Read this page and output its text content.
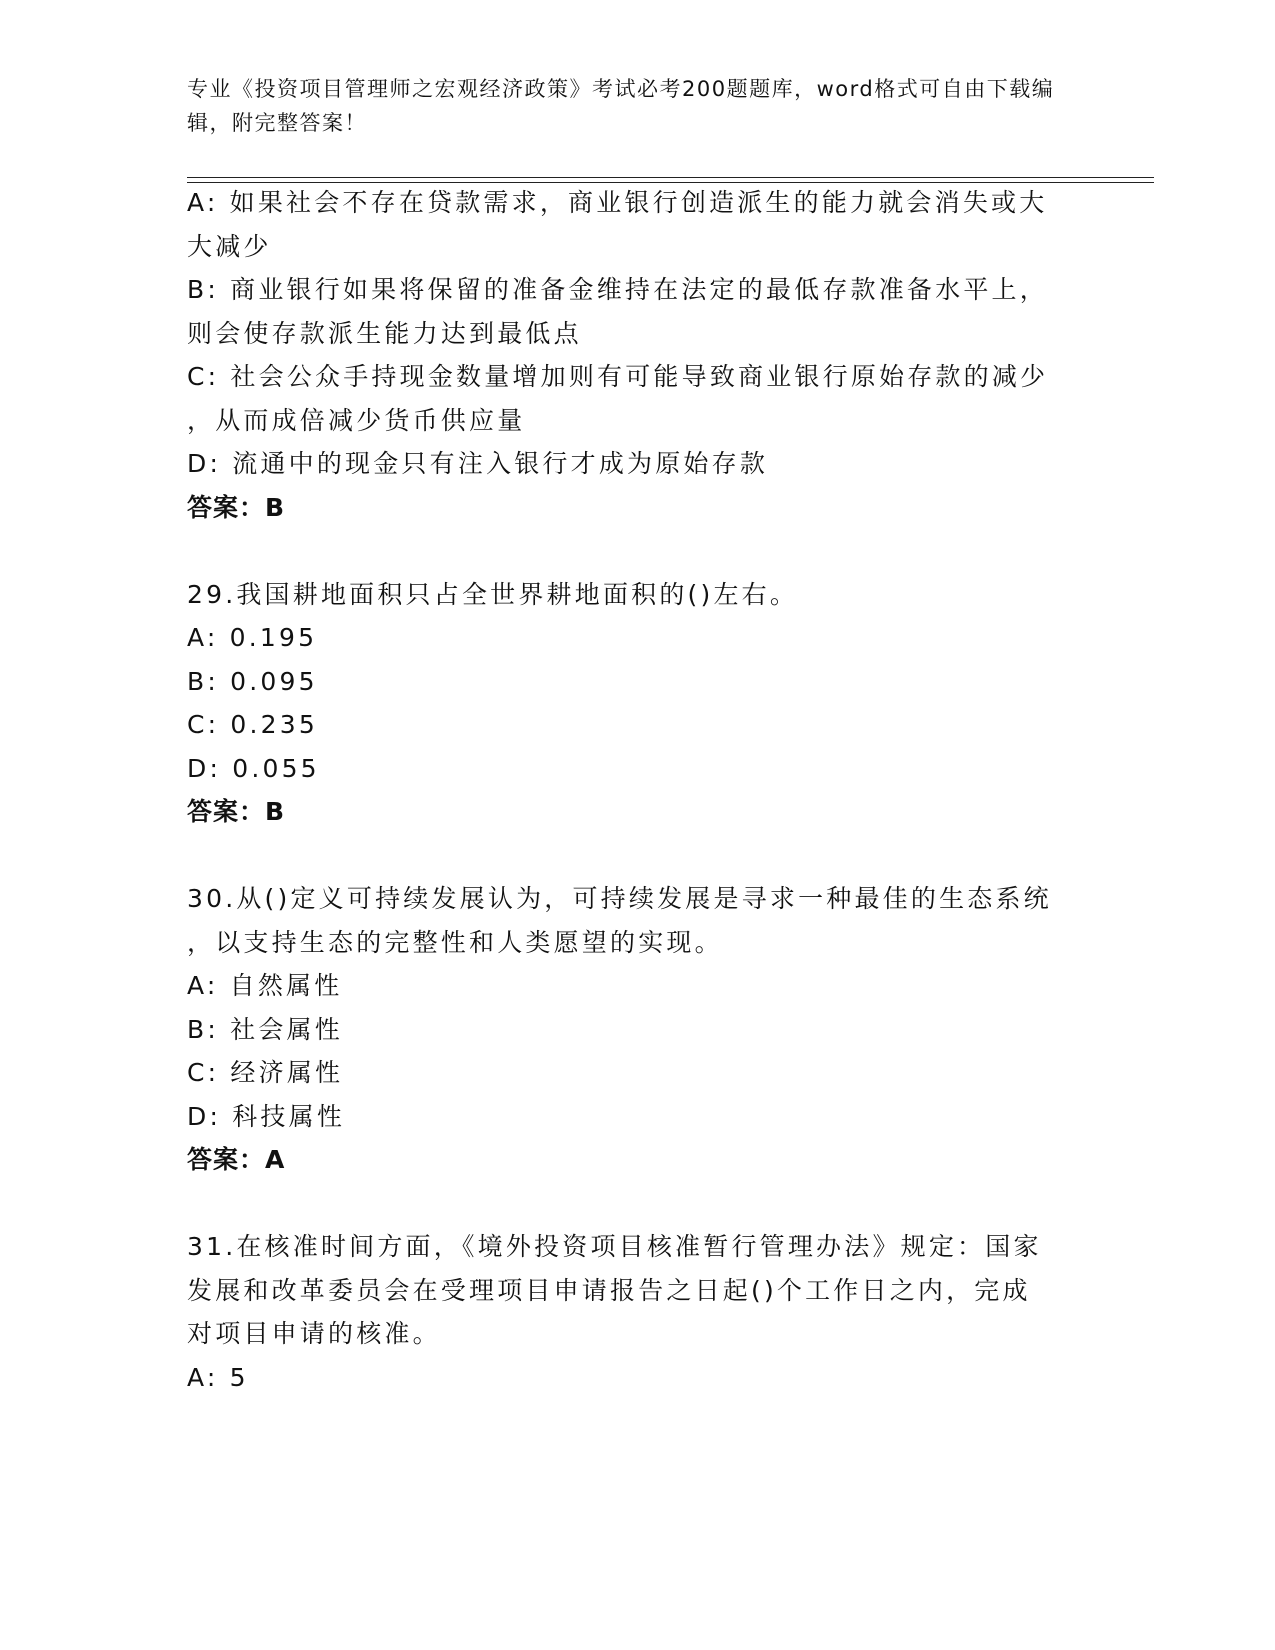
专业《投资项目管理师之宏观经济政策》考试必考200题题库，word格式可自由下载编辑，附完整答案！
A: 如果社会不存在贷款需求，商业银行创造派生的能力就会消失或大
大减少
B: 商业银行如果将保留的准备金维持在法定的最低存款准备水平上，
则会使存款派生能力达到最低点
C: 社会公众手持现金数量增加则有可能导致商业银行原始存款的减少
，从而成倍减少货币供应量
D: 流通中的现金只有注入银行才成为原始存款
答案：B
29.我国耕地面积只占全世界耕地面积的()左右。
A: 0.195
B: 0.095
C: 0.235
D: 0.055
答案：B
30.从()定义可持续发展认为，可持续发展是寻求一种最佳的生态系统
，以支持生态的完整性和人类愿望的实现。
A: 自然属性
B: 社会属性
C: 经济属性
D: 科技属性
答案：A
31.在核准时间方面，《境外投资项目核准暂行管理办法》规定：国家
发展和改革委员会在受理项目申请报告之日起()个工作日之内，完成
对项目申请的核准。
A: 5
